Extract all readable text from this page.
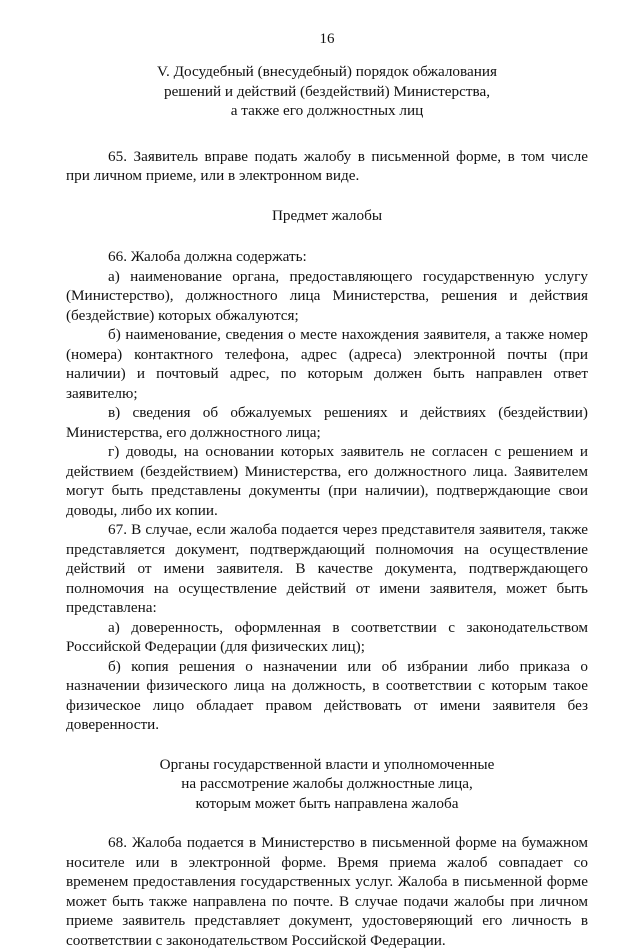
16
V. Досудебный (внесудебный) порядок обжалования
решений и действий (бездействий) Министерства,
а также его должностных лиц

65. Заявитель вправе подать жалобу в письменной форме, в том числе при личном приеме, или в электронном виде.

Предмет жалобы

66. Жалоба должна содержать:

а) наименование органа, предоставляющего государственную услугу (Министерство), должностного лица Министерства, решения и действия (бездействие) которых обжалуются;

б) наименование, сведения о месте нахождения заявителя, а также номер (номера) контактного телефона, адрес (адреса) электронной почты (при наличии) и почтовый адрес, по которым должен быть направлен ответ заявителю;

в) сведения об обжалуемых решениях и действиях (бездействии) Министерства, его должностного лица;

г) доводы, на основании которых заявитель не согласен с решением и действием (бездействием) Министерства, его должностного лица. Заявителем могут быть представлены документы (при наличии), подтверждающие свои доводы, либо их копии.

67. В случае, если жалоба подается через представителя заявителя, также представляется документ, подтверждающий полномочия на осуществление действий от имени заявителя. В качестве документа, подтверждающего полномочия на осуществление действий от имени заявителя, может быть представлена:

а) доверенность, оформленная в соответствии с законодательством Российской Федерации (для физических лиц);

б) копия решения о назначении или об избрании либо приказа о назначении физического лица на должность, в соответствии с которым такое физическое лицо обладает правом действовать от имени заявителя без доверенности.

Органы государственной власти и уполномоченные
на рассмотрение жалобы должностные лица,
которым может быть направлена жалоба

68. Жалоба подается в Министерство в письменной форме на бумажном носителе или в электронной форме. Время приема жалоб совпадает со временем предоставления государственных услуг. Жалоба в письменной форме может быть также направлена по почте. В случае подачи жалобы при личном приеме заявитель представляет документ, удостоверяющий его личность в соответствии с законодательством Российской Федерации.
